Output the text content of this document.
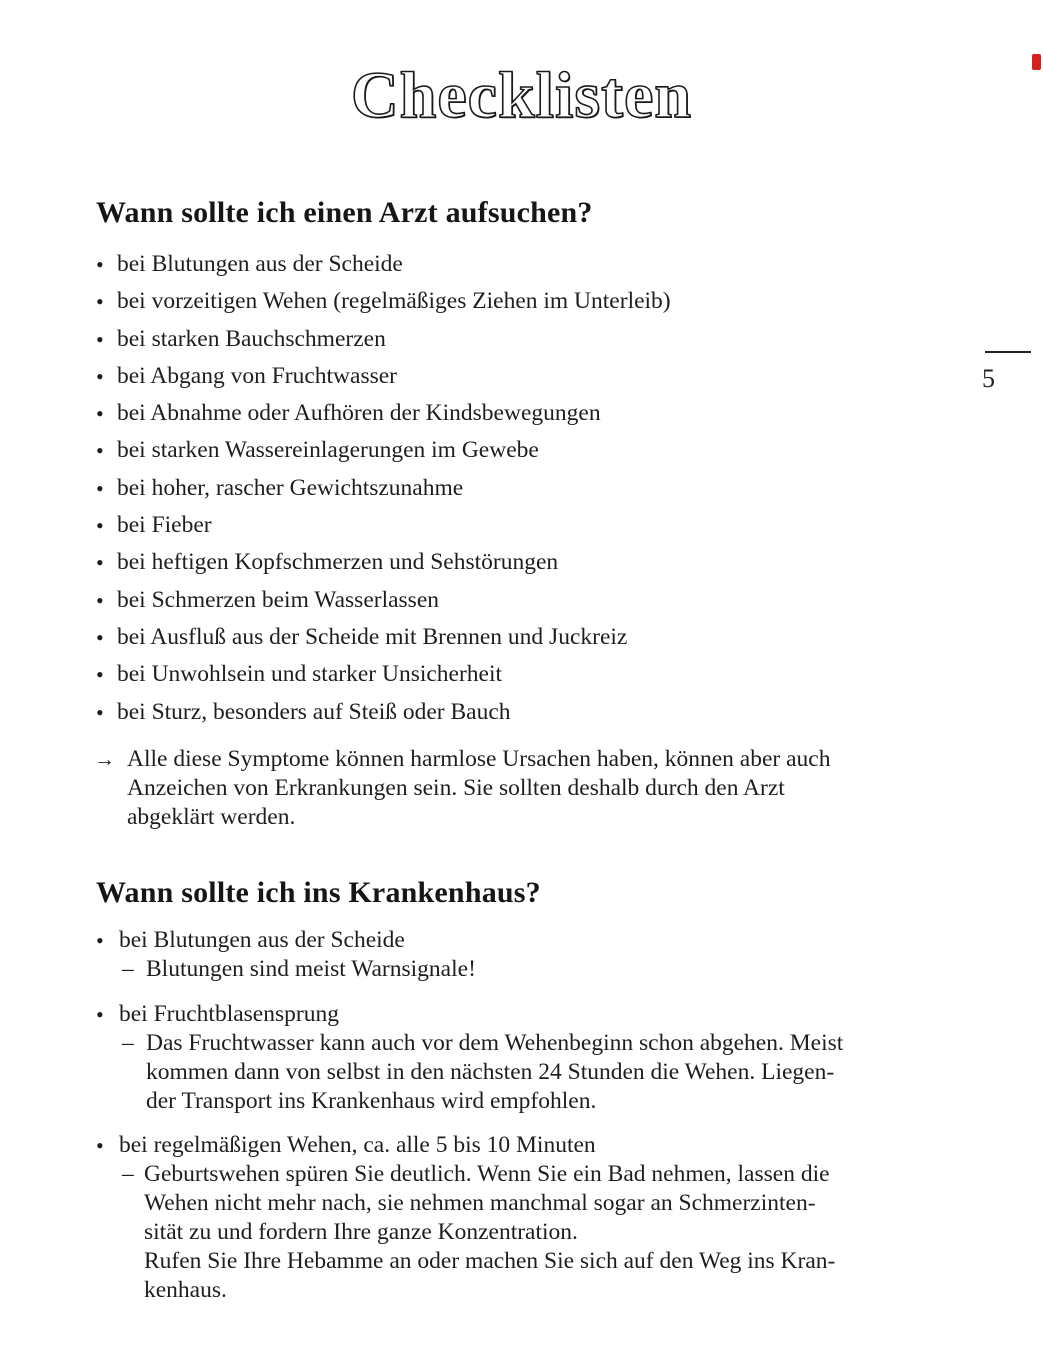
Checklisten
5
Wann sollte ich einen Arzt aufsuchen?
• bei Blutungen aus der Scheide
• bei vorzeitigen Wehen (regelmäßiges Ziehen im Unterleib)
• bei starken Bauchschmerzen
• bei Abgang von Fruchtwasser
• bei Abnahme oder Aufhören der Kindsbewegungen
• bei starken Wassereinlagerungen im Gewebe
• bei hoher, rascher Gewichtszunahme
• bei Fieber
• bei heftigen Kopfschmerzen und Sehstörungen
• bei Schmerzen beim Wasserlassen
• bei Ausfluß aus der Scheide mit Brennen und Juckreiz
• bei Unwohlsein und starker Unsicherheit
• bei Sturz, besonders auf Steiß oder Bauch
→ Alle diese Symptome können harmlose Ursachen haben, können aber auch Anzeichen von Erkrankungen sein. Sie sollten deshalb durch den Arzt abgeklärt werden.
Wann sollte ich ins Krankenhaus?
• bei Blutungen aus der Scheide
– Blutungen sind meist Warnsignale!
• bei Fruchtblasensprung
– Das Fruchtwasser kann auch vor dem Wehenbeginn schon abgehen. Meist
kommen dann von selbst in den nächsten 24 Stunden die Wehen. Liegen-
der Transport ins Krankenhaus wird empfohlen.
• bei regelmäßigen Wehen, ca. alle 5 bis 10 Minuten
– Geburtswehen spüren Sie deutlich. Wenn Sie ein Bad nehmen, lassen die
Wehen nicht mehr nach, sie nehmen manchmal sogar an Schmerzinten-
sität zu und fordern Ihre ganze Konzentration.
Rufen Sie Ihre Hebamme an oder machen Sie sich auf den Weg ins Kran-
kenhaus.
